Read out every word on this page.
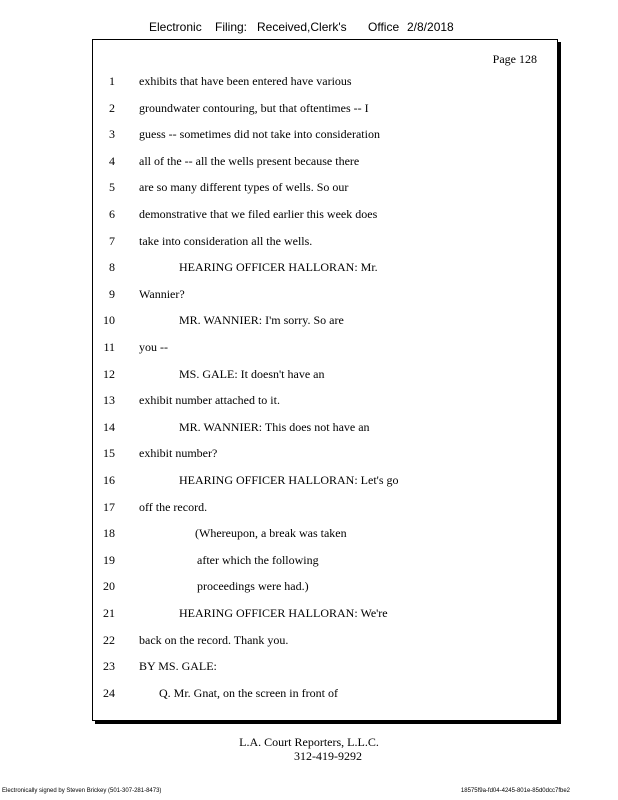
Electronic Filing: Received,Clerk's Office 2/8/2018
Page 128
1 exhibits that have been entered have various
2 groundwater contouring, but that oftentimes -- I
3 guess -- sometimes did not take into consideration
4 all of the -- all the wells present because there
5 are so many different types of wells. So our
6 demonstrative that we filed earlier this week does
7 take into consideration all the wells.
8	HEARING OFFICER HALLORAN: Mr.
9 Wannier?
10	MR. WANNIER: I'm sorry. So are
11 you --
12	MS. GALE: It doesn't have an
13 exhibit number attached to it.
14	MR. WANNIER: This does not have an
15 exhibit number?
16	HEARING OFFICER HALLORAN: Let's go
17 off the record.
18	(Whereupon, a break was taken
19	after which the following
20	proceedings were had.)
21	HEARING OFFICER HALLORAN: We're
22 back on the record. Thank you.
23 BY MS. GALE:
24	Q. Mr. Gnat, on the screen in front of
L.A. Court Reporters, L.L.C.
312-419-9292
Electronically signed by Steven Brickey (501-307-281-8473)	18575f9a-fd04-4245-801e-85d0dcc7fbe2
